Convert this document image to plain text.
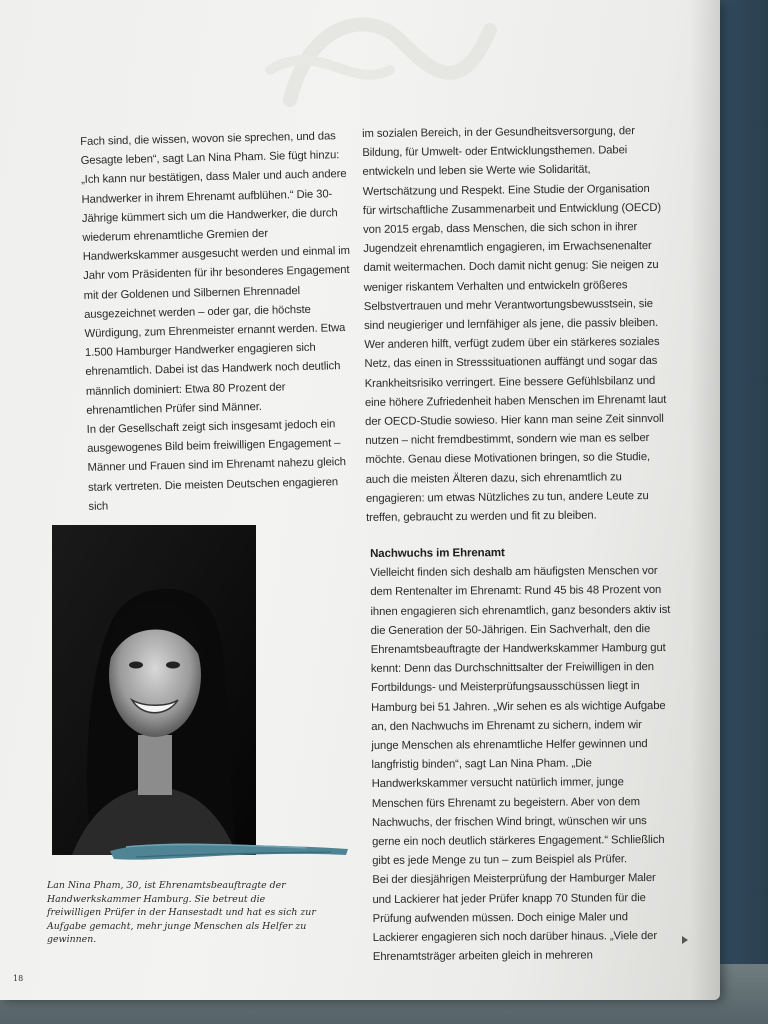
Fach sind, die wissen, wovon sie sprechen, und das Gesagte leben“, sagt Lan Nina Pham. Sie fügt hinzu: „Ich kann nur bestätigen, dass Maler und auch andere Handwerker in ihrem Ehrenamt aufblühen.“ Die 30-Jährige kümmert sich um die Handwerker, die durch wiederum ehrenamtliche Gremien der Handwerkskammer ausgesucht werden und einmal im Jahr vom Präsidenten für ihr besonderes Engagement mit der Goldenen und Silbernen Ehrennadel ausgezeichnet werden – oder gar, die höchste Würdigung, zum Ehrenmeister ernannt werden. Etwa 1.500 Hamburger Handwerker engagieren sich ehrenamtlich. Dabei ist das Handwerk noch deutlich männlich dominiert: Etwa 80 Prozent der ehrenamtlichen Prüfer sind Männer.

In der Gesellschaft zeigt sich insgesamt jedoch ein ausgewogenes Bild beim freiwilligen Engagement – Männer und Frauen sind im Ehrenamt nahezu gleich stark vertreten. Die meisten Deutschen engagieren sich

im sozialen Bereich, in der Gesundheitsversorgung, der Bildung, für Umwelt- oder Entwicklungsthemen. Dabei entwickeln und leben sie Werte wie Solidarität, Wertschätzung und Respekt. Eine Studie der Organisation für wirtschaftliche Zusammenarbeit und Entwicklung (OECD) von 2015 ergab, dass Menschen, die sich schon in ihrer Jugendzeit ehrenamtlich engagieren, im Erwachsenenalter damit weitermachen. Doch damit nicht genug: Sie neigen zu weniger riskantem Verhalten und entwickeln größeres Selbstvertrauen und mehr Verantwortungsbewusstsein, sie sind neugieriger und lernfähiger als jene, die passiv bleiben. Wer anderen hilft, verfügt zudem über ein stärkeres soziales Netz, das einen in Stresssituationen auffängt und sogar das Krankheitsrisiko verringert. Eine bessere Gefühlsbilanz und eine höhere Zufriedenheit haben Menschen im Ehrenamt laut der OECD-Studie sowieso. Hier kann man seine Zeit sinnvoll nutzen – nicht fremdbestimmt, sondern wie man es selber möchte. Genau diese Motivationen bringen, so die Studie, auch die meisten Älteren dazu, sich ehrenamtlich zu engagieren: um etwas Nützliches zu tun, andere Leute zu treffen, gebraucht zu werden und fit zu bleiben.

Nachwuchs im Ehrenamt

Vielleicht finden sich deshalb am häufigsten Menschen vor dem Rentenalter im Ehrenamt: Rund 45 bis 48 Prozent von ihnen engagieren sich ehrenamtlich, ganz besonders aktiv ist die Generation der 50-Jährigen. Ein Sachverhalt, den die Ehrenamtsbeauftragte der Handwerkskammer Hamburg gut kennt: Denn das Durchschnittsalter der Freiwilligen in den Fortbildungs- und Meisterprüfungsausschüssen liegt in Hamburg bei 51 Jahren. „Wir sehen es als wichtige Aufgabe an, den Nachwuchs im Ehrenamt zu sichern, indem wir junge Menschen als ehrenamtliche Helfer gewinnen und langfristig binden“, sagt Lan Nina Pham. „Die Handwerkskammer versucht natürlich immer, junge Menschen fürs Ehrenamt zu begeistern. Aber von dem Nachwuchs, der frischen Wind bringt, wünschen wir uns gerne ein noch deutlich stärkeres Engagement.“ Schließlich gibt es jede Menge zu tun – zum Beispiel als Prüfer.

Bei der diesjährigen Meisterprüfung der Hamburger Maler und Lackierer hat jeder Prüfer knapp 70 Stunden für die Prüfung aufwenden müssen. Doch einige Maler und Lackierer engagieren sich noch darüber hinaus. „Viele der Ehrenamtsträger arbeiten gleich in mehreren

Lan Nina Pham, 30, ist Ehrenamtsbeauftragte der Handwerkskammer Hamburg. Sie betreut die freiwilligen Prüfer in der Hansestadt und hat es sich zur Aufgabe gemacht, mehr junge Menschen als Helfer zu gewinnen.
18
